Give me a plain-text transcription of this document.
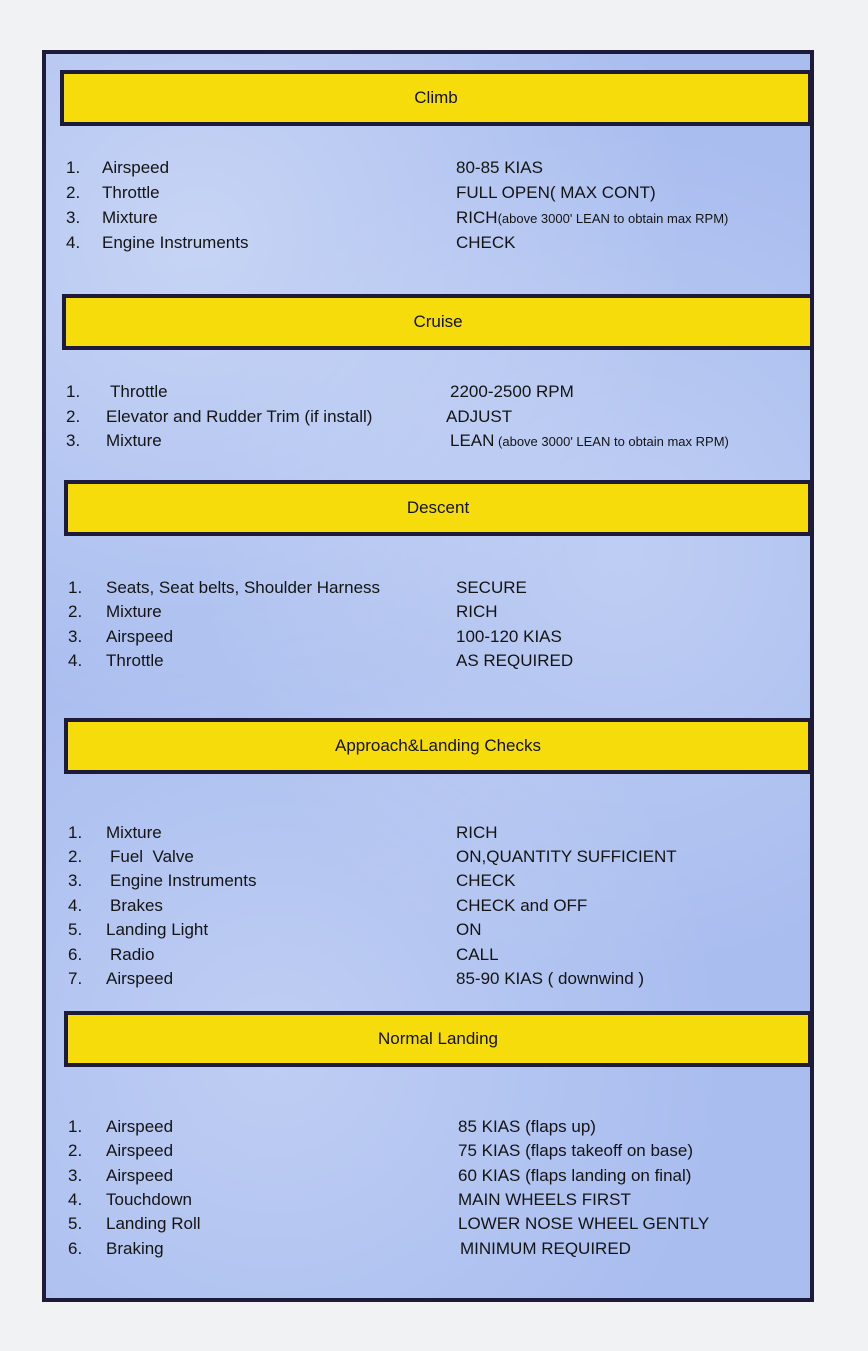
Climb
1. Airspeed	80-85 KIAS
2. Throttle	FULL OPEN( MAX CONT)
3. Mixture	RICH(above 3000' LEAN to obtain max RPM)
4. Engine Instruments	CHECK
Cruise
1. Throttle	2200-2500 RPM
2. Elevator and Rudder Trim (if install)	ADJUST
3. Mixture	LEAN (above 3000' LEAN to obtain max RPM)
Descent
1. Seats, Seat belts, Shoulder Harness	SECURE
2. Mixture	RICH
3. Airspeed	100-120 KIAS
4. Throttle	AS REQUIRED
Approach&Landing Checks
1. Mixture	RICH
2. Fuel  Valve	ON,QUANTITY SUFFICIENT
3. Engine Instruments	CHECK
4. Brakes	CHECK and OFF
5. Landing Light	ON
6. Radio	CALL
7. Airspeed	85-90 KIAS ( downwind )
Normal Landing
1. Airspeed	85 KIAS (flaps up)
2. Airspeed	75 KIAS (flaps takeoff on base)
3. Airspeed	60 KIAS (flaps landing on final)
4. Touchdown	MAIN WHEELS FIRST
5. Landing Roll	LOWER NOSE WHEEL GENTLY
6. Braking	MINIMUM REQUIRED
